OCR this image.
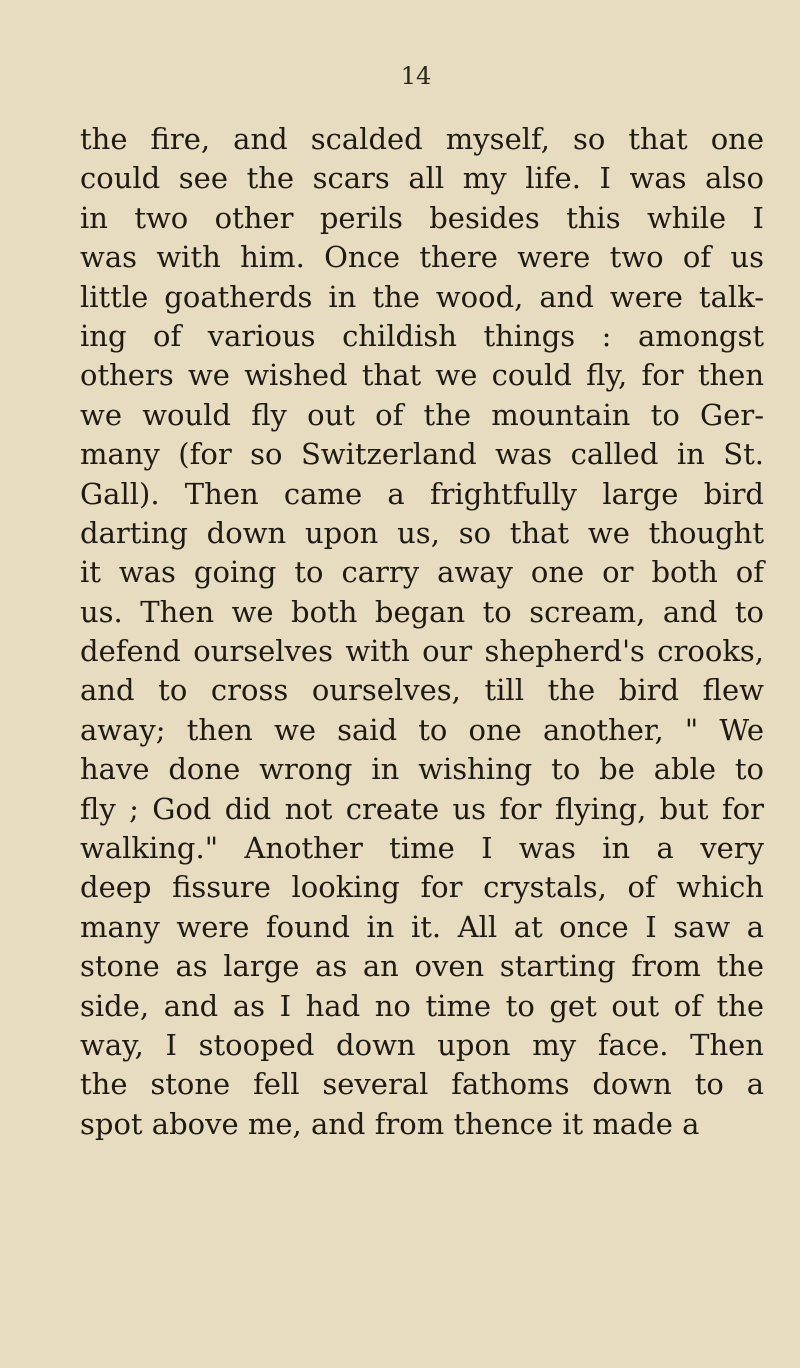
14
the fire, and scalded myself, so that one
could see the scars all my life. I was also
in two other perils besides this while I
was with him. Once there were two of us
little goatherds in the wood, and were talk-
ing of various childish things : amongst
others we wished that we could fly, for then
we would fly out of the mountain to Ger-
many (for so Switzerland was called in St.
Gall). Then came a frightfully large bird
darting down upon us, so that we thought
it was going to carry away one or both of
us. Then we both began to scream, and to
defend ourselves with our shepherd's crooks,
and to cross ourselves, till the bird flew
away; then we said to one another, " We
have done wrong in wishing to be able to
fly ; God did not create us for flying, but for
walking." Another time I was in a very
deep fissure looking for crystals, of which
many were found in it. All at once I saw a
stone as large as an oven starting from the
side, and as I had no time to get out of the
way, I stooped down upon my face. Then
the stone fell several fathoms down to a
spot above me, and from thence it made a
